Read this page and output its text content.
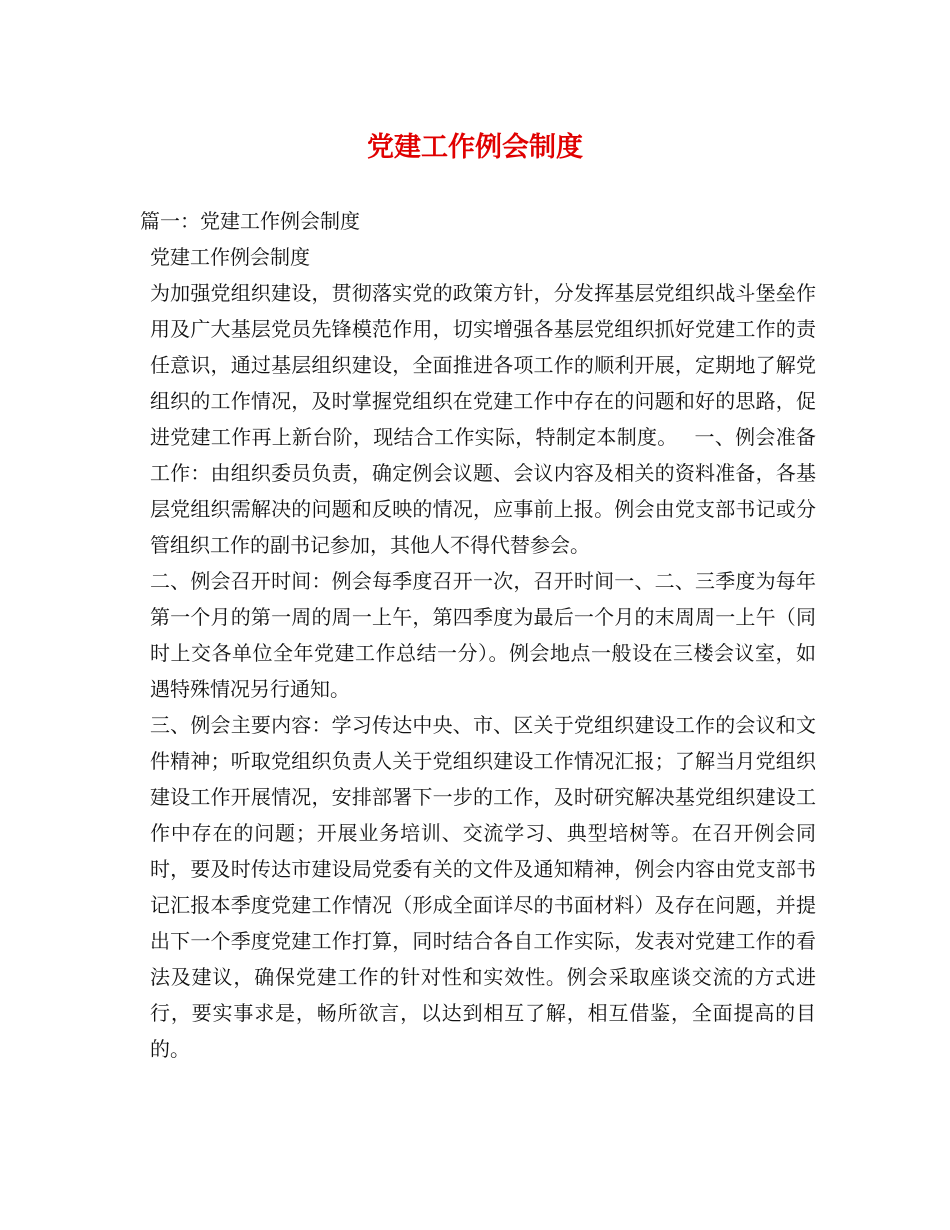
党建工作例会制度

篇一：党建工作例会制度

党建工作例会制度

为加强党组织建设，贯彻落实党的政策方针，分发挥基层党组织战斗堡垒作用及广大基层党员先锋模范作用，切实增强各基层党组织抓好党建工作的责任意识，通过基层组织建设，全面推进各项工作的顺利开展，定期地了解党组织的工作情况，及时掌握党组织在党建工作中存在的问题和好的思路，促进党建工作再上新台阶，现结合工作实际，特制定本制度。　 一、例会准备工作：由组织委员负责，确定例会议题、会议内容及相关的资料准备，各基层党组织需解决的问题和反映的情况，应事前上报。例会由党支部书记或分管组织工作的副书记参加，其他人不得代替参会。

二、例会召开时间：例会每季度召开一次，召开时间一、二、三季度为每年第一个月的第一周的周一上午，第四季度为最后一个月的末周周一上午（同时上交各单位全年党建工作总结一分）。例会地点一般设在三楼会议室，如遇特殊情况另行通知。

三、例会主要内容：学习传达中央、市、区关于党组织建设工作的会议和文件精神；听取党组织负责人关于党组织建设工作情况汇报；了解当月党组织建设工作开展情况，安排部署下一步的工作，及时研究解决基党组织建设工作中存在的问题；开展业务培训、交流学习、典型培树等。在召开例会同时，要及时传达市建设局党委有关的文件及通知精神，例会内容由党支部书记汇报本季度党建工作情况（形成全面详尽的书面材料）及存在问题，并提出下一个季度党建工作打算，同时结合各自工作实际，发表对党建工作的看法及建议，确保党建工作的针对性和实效性。例会采取座谈交流的方式进行，要实事求是，畅所欲言，以达到相互了解，相互借鉴，全面提高的目的。
